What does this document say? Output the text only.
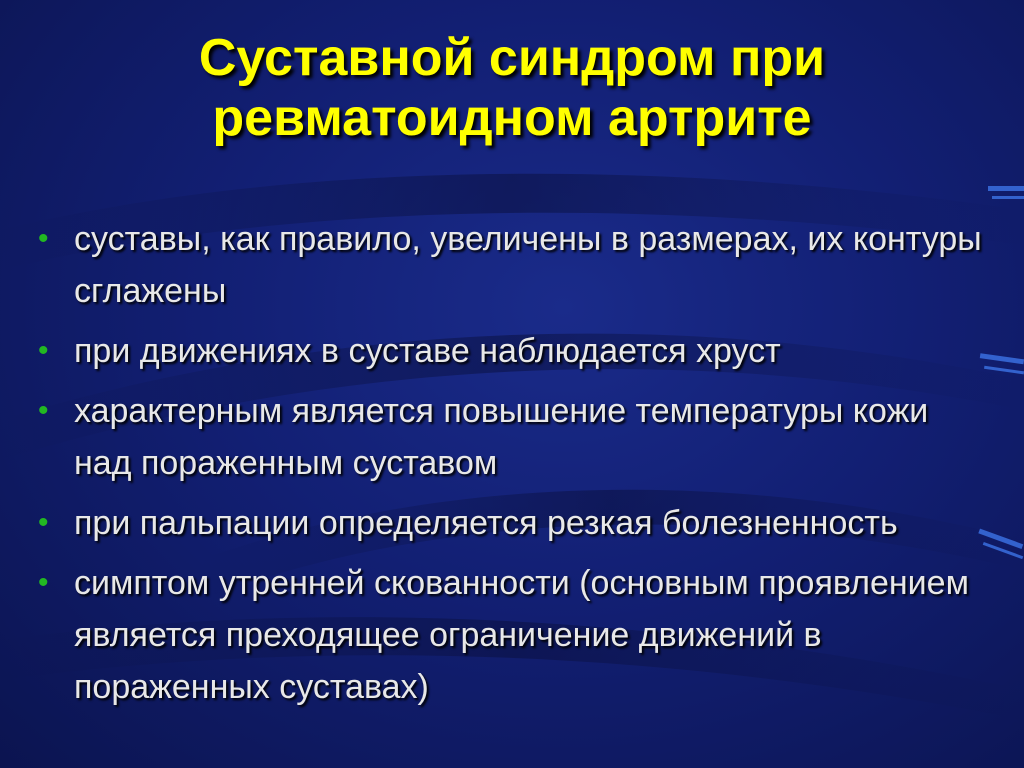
Суставной синдром при
ревматоидном артрите
• суставы, как правило, увеличены в размерах, их контуры сглажены
• при движениях в суставе наблюдается хруст
• характерным является повышение температуры кожи над пораженным суставом
• при пальпации определяется резкая болезненность
• симптом утренней скованности (основным проявлением является преходящее ограничение движений в пораженных суставах)
